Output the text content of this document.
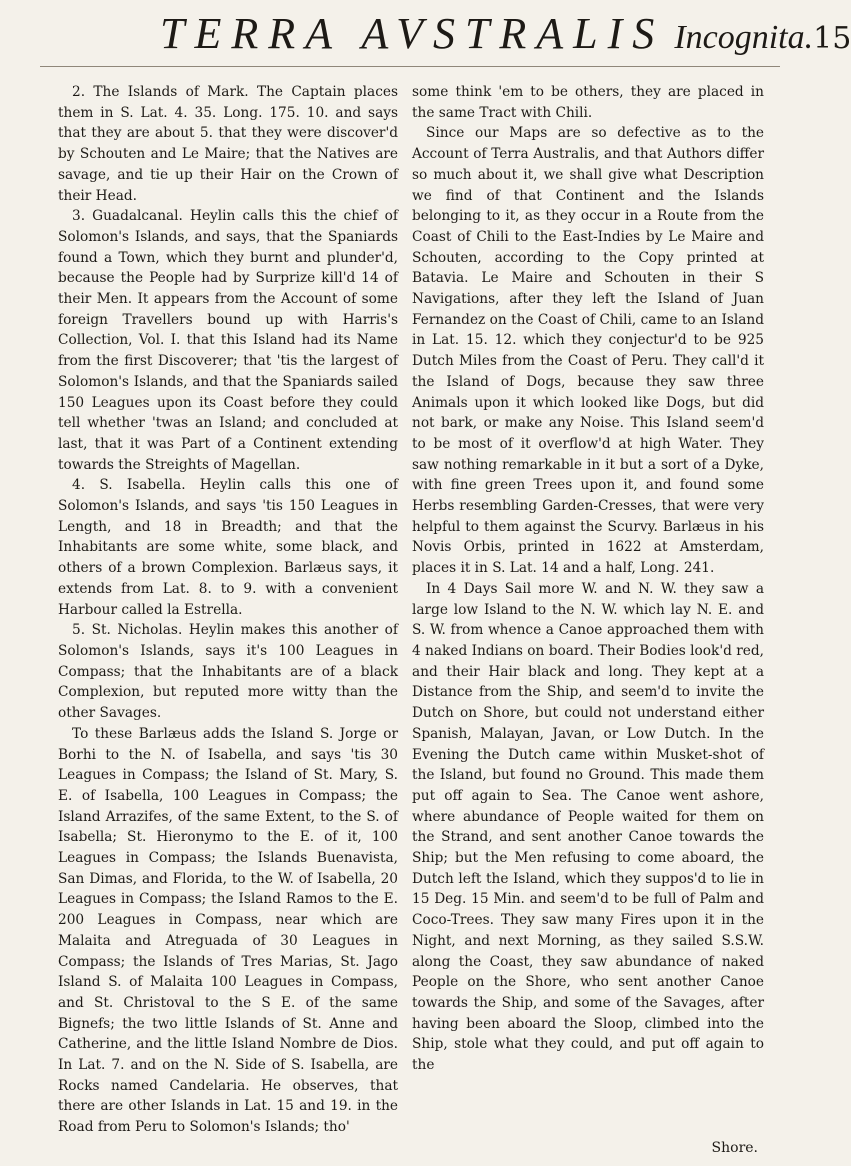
TERRA AVSTRALIS Incognita. 15

2. The Islands of Mark. The Captain places them in S. Lat. 4. 35. Long. 175. 10. and says that they are about 5. that they were discover'd by Schouten and Le Maire; that the Natives are savage, and tie up their Hair on the Crown of their Head.

3. Guadalcanal. Heylin calls this the chief of Solomon's Islands, and says, that the Spaniards found a Town, which they burnt and plunder'd, because the People had by Surprize kill'd 14 of their Men. It appears from the Account of some foreign Travellers bound up with Harris's Collection, Vol. I. that this Island had its Name from the first Discoverer; that 'tis the largest of Solomon's Islands, and that the Spaniards sailed 150 Leagues upon its Coast before they could tell whether 'twas an Island; and concluded at last, that it was Part of a Continent extending towards the Streights of Magellan.

4. S. Isabella. Heylin calls this one of Solomon's Islands, and says 'tis 150 Leagues in Length, and 18 in Breadth; and that the Inhabitants are some white, some black, and others of a brown Complexion. Barlæus says, it extends from Lat. 8. to 9. with a convenient Harbour called la Estrella.

5. St. Nicholas. Heylin makes this another of Solomon's Islands, says it's 100 Leagues in Compass; that the Inhabitants are of a black Complexion, but reputed more witty than the other Savages.

To these Barlæus adds the Island S. Jorge or Borhi to the N. of Isabella, and says 'tis 30 Leagues in Compass; the Island of St. Mary, S. E. of Isabella, 100 Leagues in Compass; the Island Arrazifes, of the same Extent, to the S. of Isabella; St. Hieronymo to the E. of it, 100 Leagues in Compass; the Islands Buenavista, San Dimas, and Florida, to the W. of Isabella, 20 Leagues in Compass; the Island Ramos to the E. 200 Leagues in Compass, near which are Malaita and Atreguada of 30 Leagues in Compass; the Islands of Tres Marias, St. Jago Island S. of Malaita 100 Leagues in Compass, and St. Christoval to the S E. of the same Bignefs; the two little Islands of St. Anne and Catherine, and the little Island Nombre de Dios. In Lat. 7. and on the N. Side of S. Isabella, are Rocks named Candelaria. He observes, that there are other Islands in Lat. 15 and 19. in the Road from Peru to Solomon's Islands; tho'

some think 'em to be others, they are placed in the same Tract with Chili.

Since our Maps are so defective as to the Account of Terra Australis, and that Authors differ so much about it, we shall give what Description we find of that Continent and the Islands belonging to it, as they occur in a Route from the Coast of Chili to the East-Indies by Le Maire and Schouten, according to the Copy printed at Batavia. Le Maire and Schouten in their S Navigations, after they left the Island of Juan Fernandez on the Coast of Chili, came to an Island in Lat. 15. 12. which they conjectur'd to be 925 Dutch Miles from the Coast of Peru. They call'd it the Island of Dogs, because they saw three Animals upon it which looked like Dogs, but did not bark, or make any Noise. This Island seem'd to be most of it overflow'd at high Water. They saw nothing remarkable in it but a sort of a Dyke, with fine green Trees upon it, and found some Herbs resembling Garden-Cresses, that were very helpful to them against the Scurvy. Barlæus in his Novis Orbis, printed in 1622 at Amsterdam, places it in S. Lat. 14 and a half, Long. 241.

In 4 Days Sail more W. and N. W. they saw a large low Island to the N. W. which lay N. E. and S. W. from whence a Canoe approached them with 4 naked Indians on board. Their Bodies look'd red, and their Hair black and long. They kept at a Distance from the Ship, and seem'd to invite the Dutch on Shore, but could not understand either Spanish, Malayan, Javan, or Low Dutch. In the Evening the Dutch came within Musket-shot of the Island, but found no Ground. This made them put off again to Sea. The Canoe went ashore, where abundance of People waited for them on the Strand, and sent another Canoe towards the Ship; but the Men refusing to come aboard, the Dutch left the Island, which they suppos'd to lie in 15 Deg. 15 Min. and seem'd to be full of Palm and Coco-Trees. They saw many Fires upon it in the Night, and next Morning, as they sailed S.S.W. along the Coast, they saw abundance of naked People on the Shore, who sent another Canoe towards the Ship, and some of the Savages, after having been aboard the Sloop, climbed into the Ship, stole what they could, and put off again to the

Shore.
